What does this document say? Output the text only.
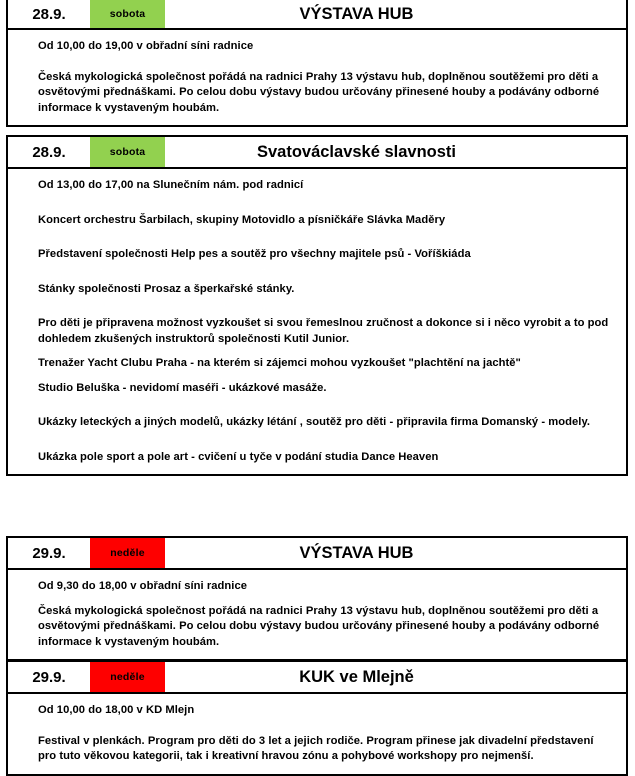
28.9.	sobota	VÝSTAVA HUB

Od 10,00 do 19,00 v obřadní síni radnice

Česká mykologická společnost pořádá na radnici Prahy 13 výstavu hub, doplněnou soutěžemi pro děti a

osvětovými přednáškami. Po celou dobu výstavy budou určovány přinesené houby a podávány odborné

informace k vystaveným houbám.

28.9.	sobota	Svatováclavské slavnosti

Od 13,00 do 17,00 na Slunečním nám. pod radnicí

Koncert orchestru Šarbilach, skupiny Motovidlo a písničkáře Slávka Maděry

Představení společnosti Help pes a soutěž pro všechny majitele psů - Voříškiáda

Stánky společnosti Prosaz a šperkařské stánky.

Pro děti je připravena možnost vyzkoušet si svou řemeslnou zručnost a dokonce si i něco vyrobit a to pod

dohledem zkušených instruktorů společnosti Kutil Junior.

Trenažer Yacht Clubu Praha - na kterém si zájemci mohou vyzkoušet "plachtění na jachtě"

Studio Beluška - nevidomí maséři - ukázkové masáže.

Ukázky leteckých a jiných modelů, ukázky létání , soutěž pro děti - připravila firma Domanský - modely.

Ukázka pole sport a pole art - cvičení u tyče v podání studia Dance Heaven

29.9.	neděle	VÝSTAVA HUB

Od 9,30 do 18,00 v obřadní síni radnice

Česká mykologická společnost pořádá na radnici Prahy 13 výstavu hub, doplněnou soutěžemi pro děti a

osvětovými přednáškami. Po celou dobu výstavy budou určovány přinesené houby a podávány odborné

informace k vystaveným houbám.

29.9.	neděle	KUK ve Mlejně

Od 10,00 do 18,00 v KD Mlejn

Festival v plenkách. Program pro děti do 3 let a jejich rodiče. Program přinese jak divadelní představení

pro tuto věkovou kategorii, tak i kreativní hravou zónu a pohybové workshopy pro nejmenší.
